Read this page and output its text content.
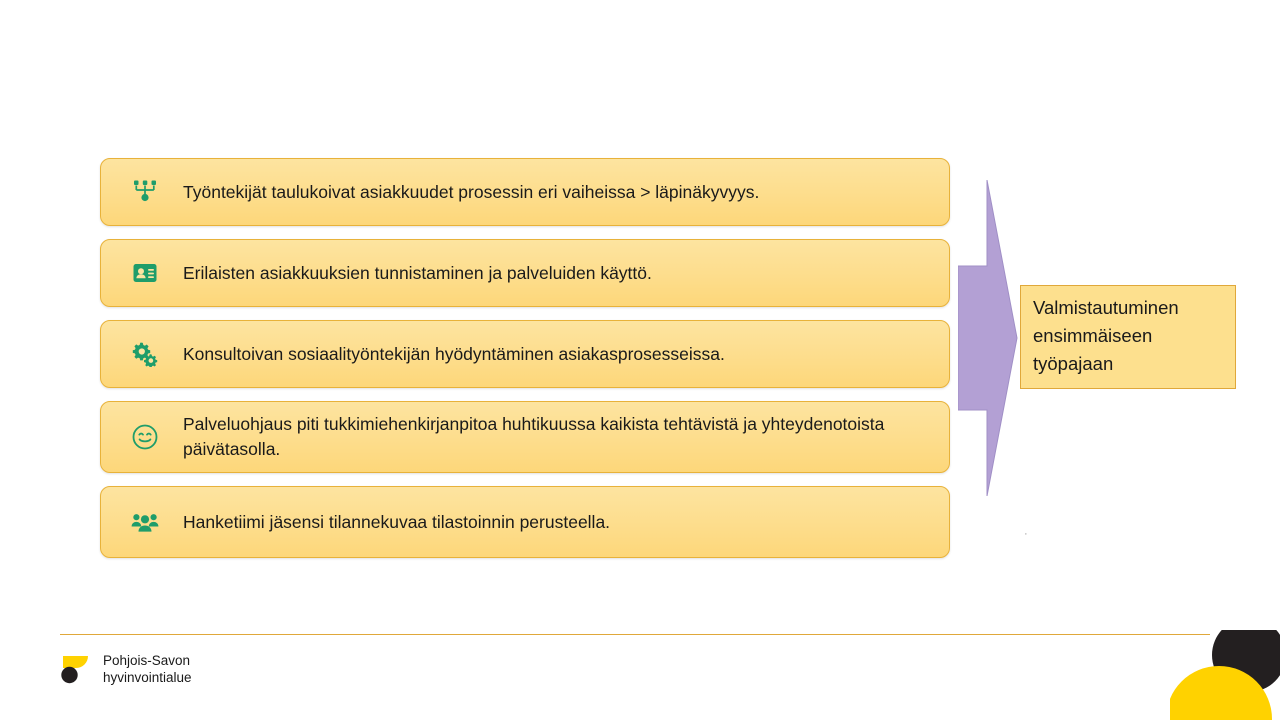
Työntekijät taulukoivat asiakkuudet prosessin eri vaiheissa > läpinäkyvyys.
Erilaisten asiakkuuksien tunnistaminen ja palveluiden käyttö.
Konsultoivan sosiaalityöntekijän hyödyntäminen asiakasprosesseissa.
Palveluohjaus piti tukkimiehenkirjanpitoa huhtikuussa kaikista tehtävistä ja yhteydenotoista päivätasolla.
Hanketiimi jäsensi tilannekuvaa tilastoinnin perusteella.
Valmistautuminen ensimmäiseen työpajaan
·
Pohjois-Savon
hyvinvointialue
